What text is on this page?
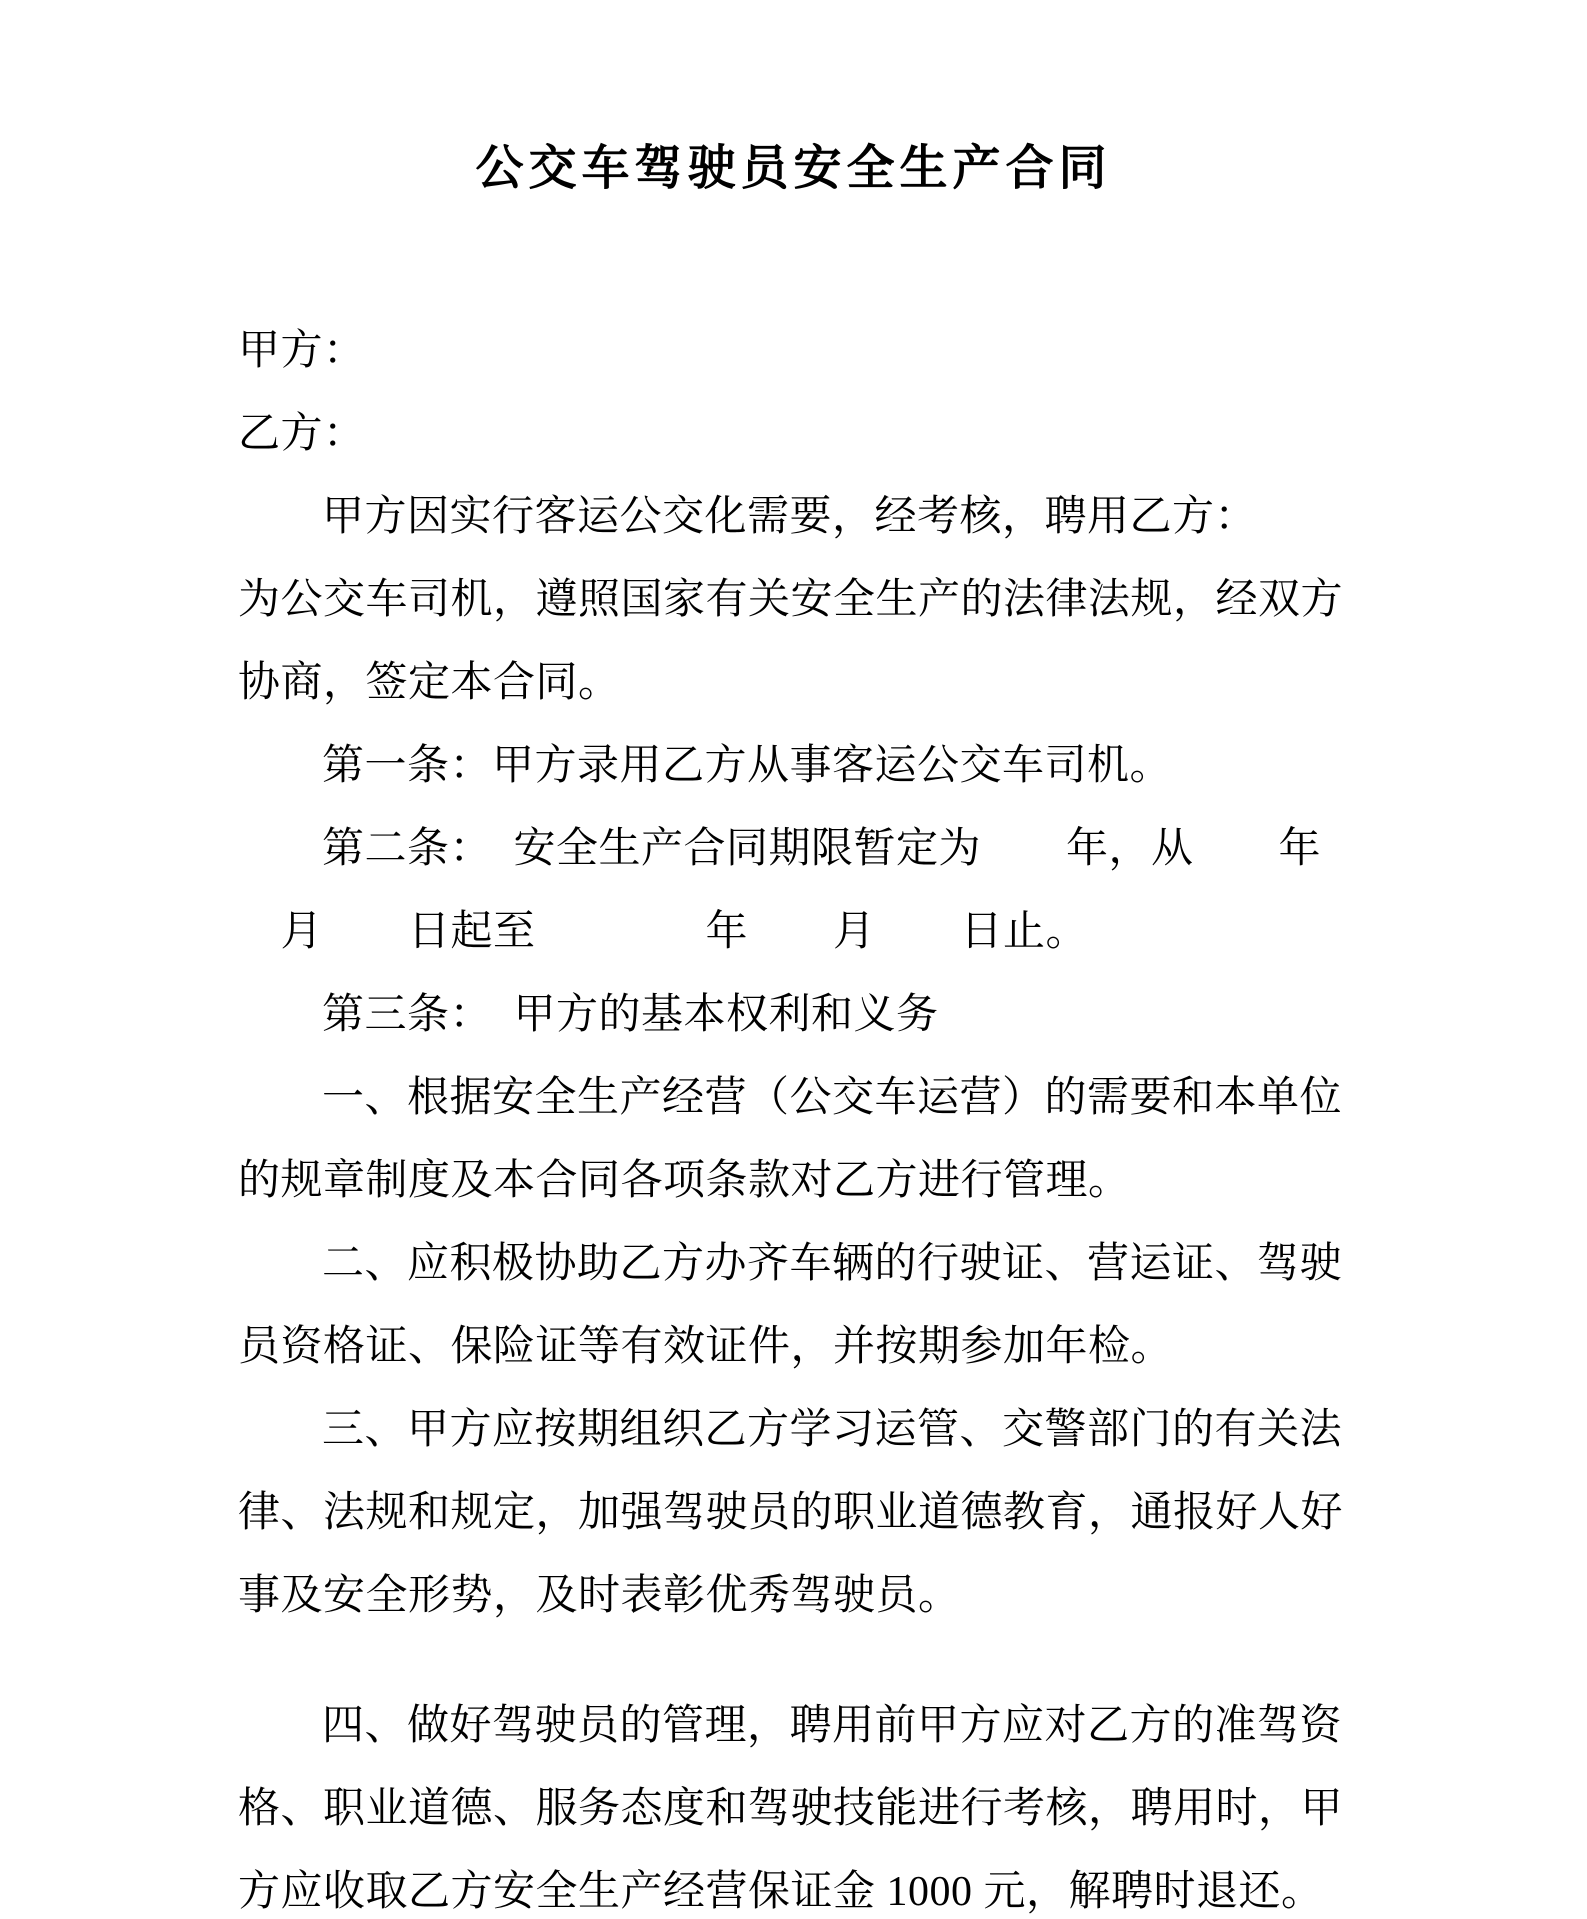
公交车驾驶员安全生产合同
甲方：
乙方：
甲方因实行客运公交化需要，经考核，聘用乙方：
为公交车司机，遵照国家有关安全生产的法律法规，经双方
协商，签定本合同。
第一条：甲方录用乙方从事客运公交车司机。
第二条：　安全生产合同期限暂定为　　年，从　　年
　月　　日起至　　　　年　　月　　日止。
第三条：　甲方的基本权利和义务
一、根据安全生产经营（公交车运营）的需要和本单位
的规章制度及本合同各项条款对乙方进行管理。
二、应积极协助乙方办齐车辆的行驶证、营运证、驾驶
员资格证、保险证等有效证件，并按期参加年检。
三、甲方应按期组织乙方学习运管、交警部门的有关法
律、法规和规定，加强驾驶员的职业道德教育，通报好人好
事及安全形势，及时表彰优秀驾驶员。
四、做好驾驶员的管理，聘用前甲方应对乙方的准驾资
格、职业道德、服务态度和驾驶技能进行考核，聘用时，甲
方应收取乙方安全生产经营保证金 1000 元，解聘时退还。
